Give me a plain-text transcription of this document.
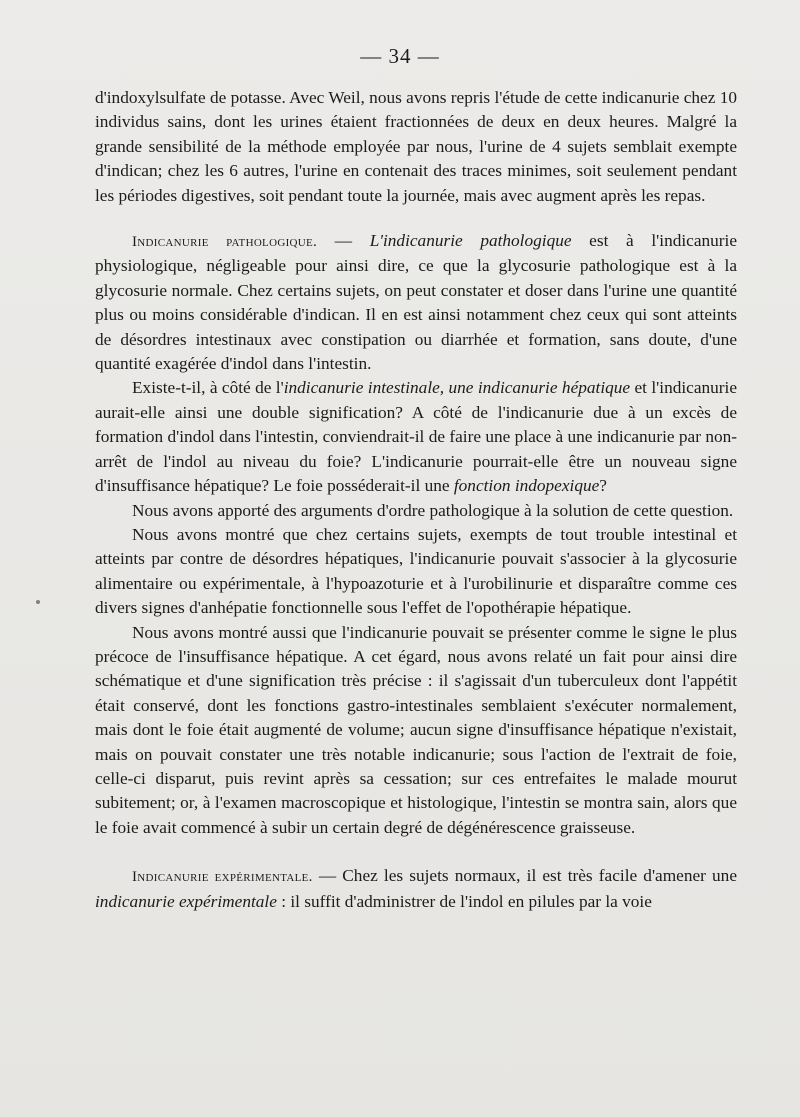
— 34 —

d'indoxylsulfate de potasse. Avec Weil, nous avons repris l'étude de cette indicanurie chez 10 individus sains, dont les urines étaient fractionnées de deux en deux heures. Malgré la grande sensibilité de la méthode employée par nous, l'urine de 4 sujets semblait exempte d'indican; chez les 6 autres, l'urine en contenait des traces minimes, soit seulement pendant les périodes digestives, soit pendant toute la journée, mais avec augment après les repas.

Indicanurie pathologique. — L'indicanurie pathologique est à l'indicanurie physiologique, négligeable pour ainsi dire, ce que la glycosurie pathologique est à la glycosurie normale. Chez certains sujets, on peut constater et doser dans l'urine une quantité plus ou moins considérable d'indican. Il en est ainsi notamment chez ceux qui sont atteints de désordres intestinaux avec constipation ou diarrhée et formation, sans doute, d'une quantité exagérée d'indol dans l'intestin.

Existe-t-il, à côté de l'indicanurie intestinale, une indicanurie hépatique et l'indicanurie aurait-elle ainsi une double signification? A côté de l'indicanurie due à un excès de formation d'indol dans l'intestin, conviendrait-il de faire une place à une indicanurie par non-arrêt de l'indol au niveau du foie? L'indicanurie pourrait-elle être un nouveau signe d'insuffisance hépatique? Le foie posséderait-il une fonction indopexique?

Nous avons apporté des arguments d'ordre pathologique à la solution de cette question.

Nous avons montré que chez certains sujets, exempts de tout trouble intestinal et atteints par contre de désordres hépatiques, l'indicanurie pouvait s'associer à la glycosurie alimentaire ou expérimentale, à l'hypoazoturie et à l'urobilinurie et disparaître comme ces divers signes d'anhépatie fonctionnelle sous l'effet de l'opothérapie hépatique.

Nous avons montré aussi que l'indicanurie pouvait se présenter comme le signe le plus précoce de l'insuffisance hépatique. A cet égard, nous avons relaté un fait pour ainsi dire schématique et d'une signification très précise : il s'agissait d'un tuberculeux dont l'appétit était conservé, dont les fonctions gastro-intestinales semblaient s'exécuter normalement, mais dont le foie était augmenté de volume; aucun signe d'insuffisance hépatique n'existait, mais on pouvait constater une très notable indicanurie; sous l'action de l'extrait de foie, celle-ci disparut, puis revint après sa cessation; sur ces entrefaites le malade mourut subitement; or, à l'examen macroscopique et histologique, l'intestin se montra sain, alors que le foie avait commencé à subir un certain degré de dégénérescence graisseuse.

Indicanurie expérimentale. — Chez les sujets normaux, il est très facile d'amener une indicanurie expérimentale : il suffit d'administrer de l'indol en pilules par la voie
